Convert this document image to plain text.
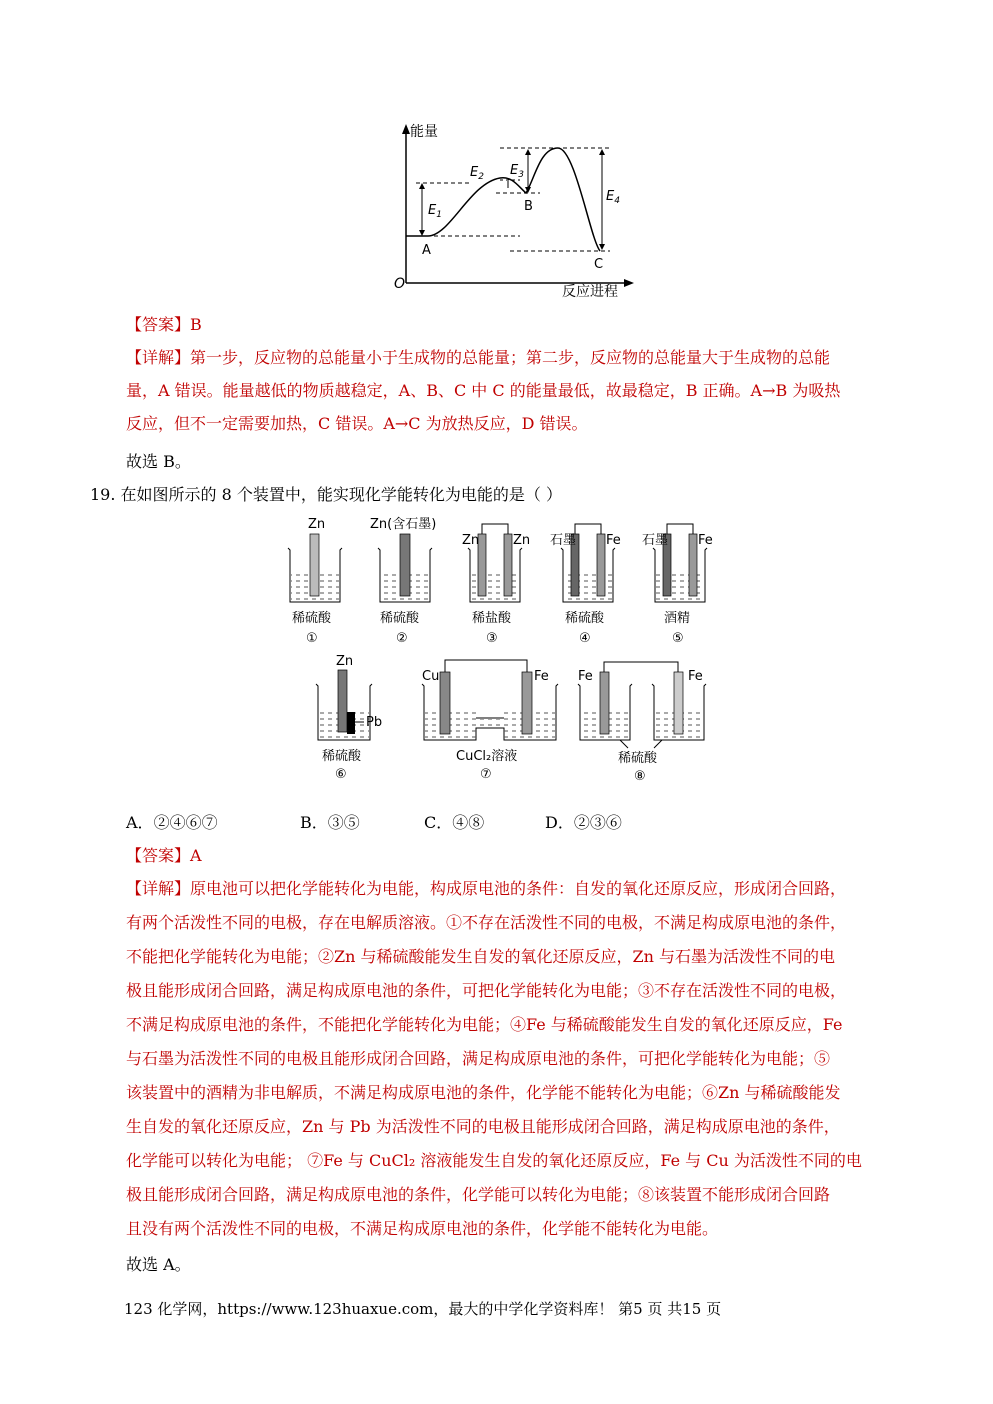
能量
反应进程
O
$E_1$
$E_2$ $E_3$
$E_4$
A
B
C
【答案】B
【详解】第一步，反应物的总能量小于生成物的总能量；第二步，反应物的总能量大于生成物的总能
量，A 错误。能量越低的物质越稳定，A、B、C 中 C 的能量最低，故最稳定，B 正确。A→B 为吸热
反应，但不一定需要加热，C 错误。A→C 为放热反应，D 错误。
故选 B。
19. 在如图所示的 8 个装置中，能实现化学能转化为电能的是（ ）
Zn
稀硫酸
①
Zn(含石墨)
稀硫酸
②
Zn	Zn
稀盐酸
③
石墨 Fe
稀硫酸
④
石墨 Fe
酒精
⑤
Zn
Pb
稀硫酸
⑥
Cu	Fe
CuCl₂溶液
⑦
Fe	Fe
稀硫酸
⑧
A．②④⑥⑦	B．③⑤	C．④⑧	D．②③⑥
【答案】A
【详解】原电池可以把化学能转化为电能，构成原电池的条件：自发的氧化还原反应，形成闭合回路，
有两个活泼性不同的电极，存在电解质溶液。①不存在活泼性不同的电极，不满足构成原电池的条件，
不能把化学能转化为电能；②Zn 与稀硫酸能发生自发的氧化还原反应，Zn 与石墨为活泼性不同的电
极且能形成闭合回路，满足构成原电池的条件，可把化学能转化为电能；③不存在活泼性不同的电极，
不满足构成原电池的条件，不能把化学能转化为电能；④Fe 与稀硫酸能发生自发的氧化还原反应，Fe
与石墨为活泼性不同的电极且能形成闭合回路，满足构成原电池的条件，可把化学能转化为电能；⑤
该装置中的酒精为非电解质，不满足构成原电池的条件，化学能不能转化为电能；⑥Zn 与稀硫酸能发
生自发的氧化还原反应，Zn 与 Pb 为活泼性不同的电极且能形成闭合回路，满足构成原电池的条件，
化学能可以转化为电能； ⑦Fe 与 CuCl₂ 溶液能发生自发的氧化还原反应，Fe 与 Cu 为活泼性不同的电
极且能形成闭合回路，满足构成原电池的条件，化学能可以转化为电能；⑧该装置不能形成闭合回路
且没有两个活泼性不同的电极，不满足构成原电池的条件，化学能不能转化为电能。
故选 A。
123 化学网，https://www.123huaxue.com，最大的中学化学资料库！ 第5 页 共15 页
